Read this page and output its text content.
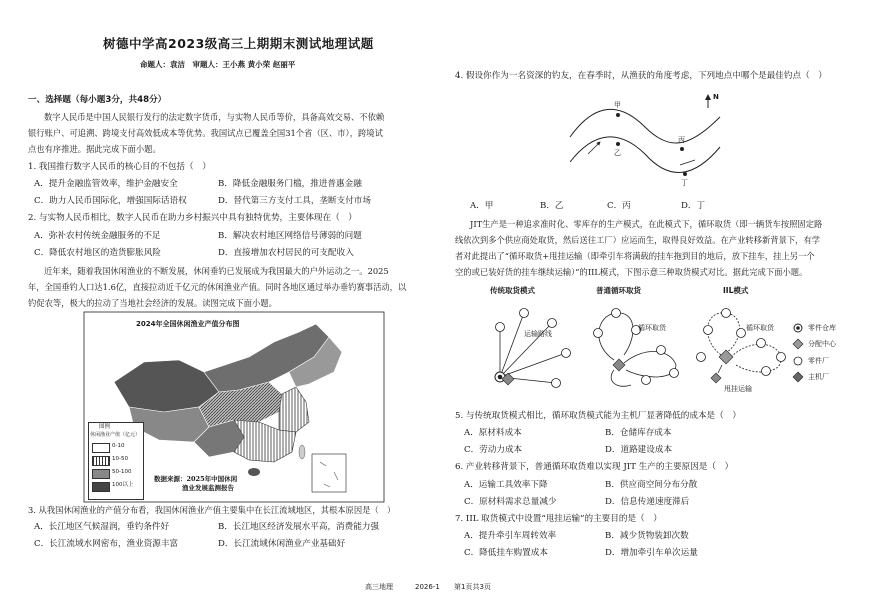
树德中学高2023级高三上期期末测试地理试题
命题人：袁洁　审题人：王小燕 黄小荣 赵丽平
一、选择题（每小题3分，共48分）
数字人民币是中国人民银行发行的法定数字货币，与实物人民币等价，具备高效交易、不依赖
银行账户、可追溯、跨境支付高效低成本等优势。我国试点已覆盖全国31个省（区、市），跨境试
点也有序推进。据此完成下面小题。
1. 我国推行数字人民币的核心目的不包括（　）
A．提升金融监管效率，维护金融安全	B．降低金融服务门槛，推进普惠金融
C．助力人民币国际化，增强国际话语权	D．替代第三方支付工具，垄断支付市场
2. 与实物人民币相比，数字人民币在助力乡村振兴中具有独特优势，主要体现在（　）
A．弥补农村传统金融服务的不足	B．解决农村地区网络信号薄弱的问题
C．降低农村地区的造货膨胀风险	D．直接增加农村居民的可支配收入
近年来，随着我国休闲渔业的不断发展，休闲垂钓已发展成为我国最大的户外运动之一。2025
年，全国垂钓人口达1.6亿，直接拉动近千亿元的休闲渔业产值。同时各地区通过举办垂钓赛事活动，以
钓促农等，极大的拉动了当地社会经济的发展。读图完成下面小题。
2024年全国休闲渔业产值分布图
图例
休闲渔业产值（亿元）
0-10
10-50
50-100
100以上
数据来源：2025年中国休闲
渔业发展监测报告
3. 从我国休闲渔业的产值分布看，我国休闲渔业产值主要集中在长江流域地区，其根本原因是（　）
A．长江地区气候湿润，垂钓条件好	B．长江地区经济发展水平高，消费能力强
C．长江流域水网密布，渔业资源丰富	D．长江流域休闲渔业产业基础好
4. 假设你作为一名资深的钓友，在春季时，从渔获的角度考虑，下列地点中哪个是最佳钓点（　）
甲
乙
丙
丁
N
A．甲	B．乙	C．丙	D．丁
JIT生产是一种追求准时化、零库存的生产模式，在此模式下，循环取货（即一辆货车按照固定路
线依次到多个供应商处取货，然后送往工厂）应运而生，取得良好效益。在产业转移新背景下，有学
者对此提出了“循环取货+甩挂运输（即牵引车将满载的挂车拖到目的地后，放下挂车，挂上另一个
空的或已装好货的挂车继续运输）”的IIL模式，下图示意三种取货模式对比。据此完成下面小题。
传统取货模式	普通循环取货	IIL模式
运输路线
循环取货	循环取货
甩挂运输
零件仓库
分配中心
零件厂
主机厂
5. 与传统取货模式相比，循环取货模式能为主机厂显著降低的成本是（　）
A．原材料成本	B．仓储库存成本
C．劳动力成本	D．道路建设成本
6. 产业转移背景下，普通循环取货难以实现 JIT 生产的主要原因是（　）
A．运输工具效率下降	B．供应商空间分布分散
C．原材料需求总量减少	D．信息传递速度滞后
7. IIL 取货模式中设置“甩挂运输”的主要目的是（　）
A．提升牵引车周转效率	B．减少货物装卸次数
C．降低挂车购置成本	D．增加牵引车单次运量
高三地理	2026-1 第1页共3页
